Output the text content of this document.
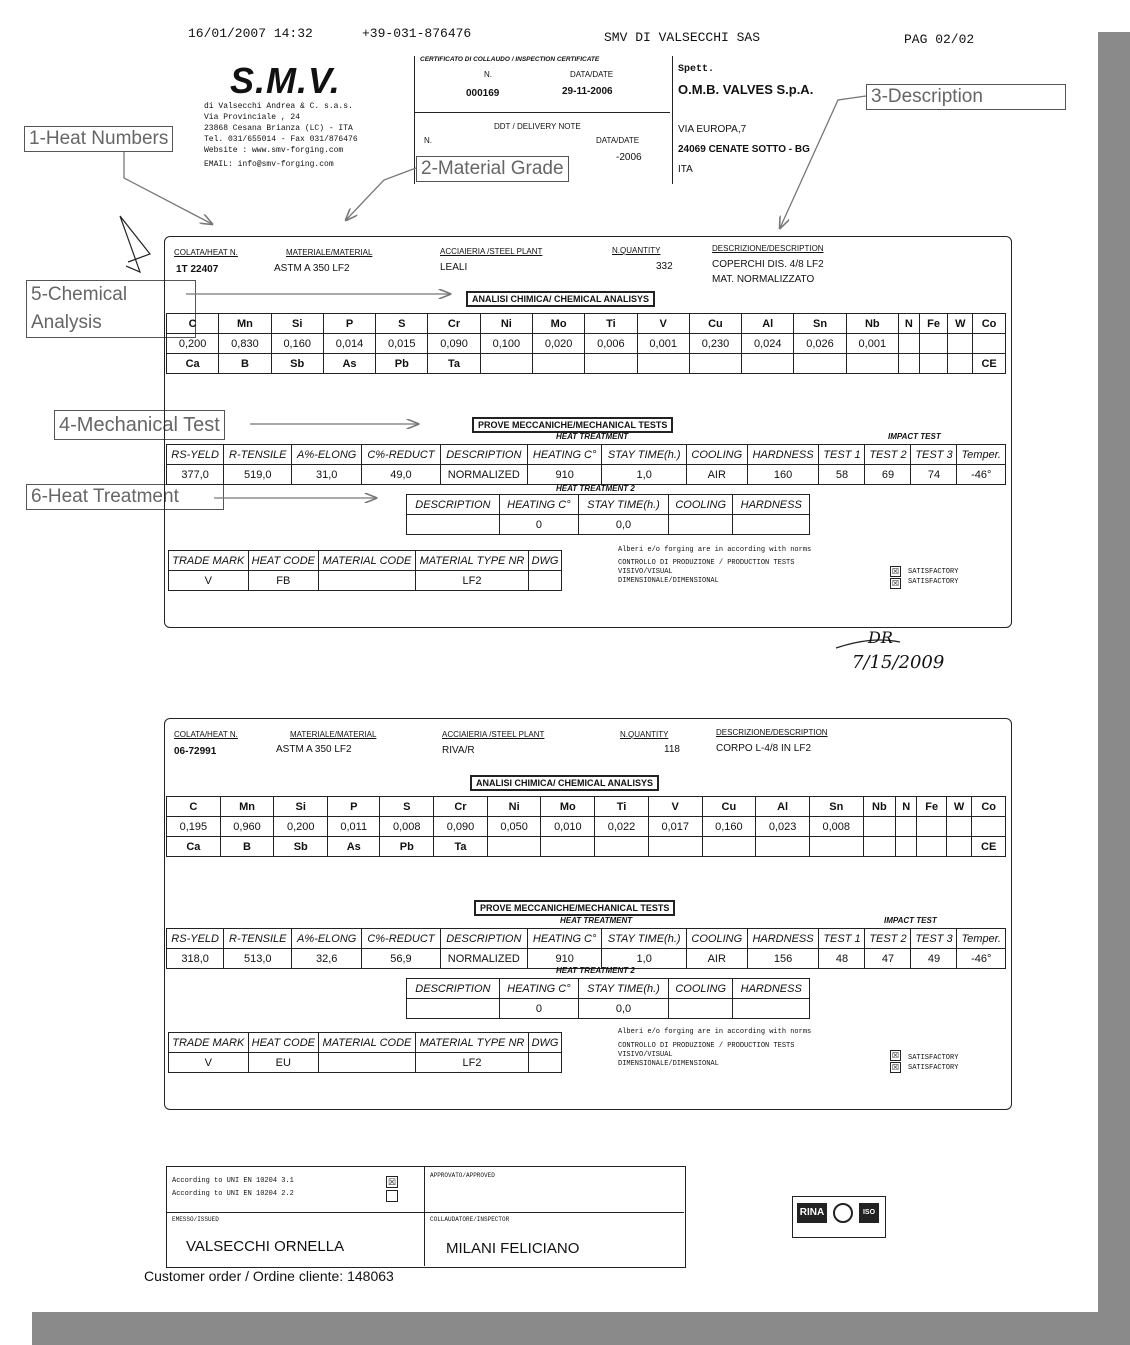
16/01/2007 14:32	+39-031-876476	SMV DI VALSECCHI SAS	PAG 02/02
S.M.V.
di Valsecchi Andrea & C. s.a.s.
Via Provinciale , 24
23868 Cesana Brianza (LC) - ITA
Tel. 031/655014 - Fax 031/876476
Website : www.smv-forging.com
EMAIL: info@smv-forging.com
CERTIFICATO DI COLLAUDO / INSPECTION CERTIFICATE
N.	DATA/DATE
000169	29-11-2006
DDT / DELIVERY NOTE
N.	DATA/DATE
-2006
Spett.
O.M.B. VALVES S.p.A.
VIA EUROPA,7
24069 CENATE SOTTO - BG
ITA
1-Heat Numbers
2-Material Grade
3-Description
5-Chemical
Analysis
4-Mechanical Test
6-Heat Treatment
COLATA/HEAT N.	MATERIALE/MATERIAL	ACCIAIERIA /STEEL PLANT	N.QUANTITY	DESCRIZIONE/DESCRIPTION
1T 22407	ASTM A 350 LF2	LEALI	332	COPERCHI DIS. 4/8 LF2
MAT. NORMALIZZATO
ANALISI CHIMICA/ CHEMICAL ANALISYS
C	Mn	Si	P	S	Cr	Ni	Mo	Ti	V	Cu	Al	Sn	Nb	N	Fe	W	Co
0,200	0,830	0,160	0,014	0,015	0,090	0,100	0,020	0,006	0,001	0,230	0,024	0,026	0,001				
Ca	B	Sb	As	Pb	Ta												CE
PROVE MECCANICHE/MECHANICAL TESTS
HEAT TREATMENT	IMPACT TEST
RS-YELD	R-TENSILE	A%-ELONG	C%-REDUCT	DESCRIPTION	HEATING C°	STAY TIME(h.)	COOLING	HARDNESS	TEST 1	TEST 2	TEST 3	Temper.
377,0	519,0	31,0	49,0	NORMALIZED	910	1,0	AIR	160	58	69	74	-46°
HEAT TREATMENT 2
DESCRIPTION	HEATING C°	STAY TIME(h.)	COOLING	HARDNESS
	0	0,0		
TRADE MARK	HEAT CODE	MATERIAL CODE	MATERIAL TYPE NR	DWG
V	FB		LF2	
Alberi e/o forging are in according with norms
CONTROLLO DI PRODUZIONE / PRODUCTION TESTS
VISIVO/VISUAL
DIMENSIONALE/DIMENSIONAL
☒
☒
SATISFACTORY
SATISFACTORY
DR
7/15/2009
COLATA/HEAT N.	MATERIALE/MATERIAL	ACCIAIERIA /STEEL PLANT	N.QUANTITY	DESCRIZIONE/DESCRIPTION
06-72991	ASTM A 350 LF2	RIVA/R	118	CORPO L-4/8 IN LF2
ANALISI CHIMICA/ CHEMICAL ANALISYS
C	Mn	Si	P	S	Cr	Ni	Mo	Ti	V	Cu	Al	Sn	Nb	N	Fe	W	Co
0,195	0,960	0,200	0,011	0,008	0,090	0,050	0,010	0,022	0,017	0,160	0,023	0,008					
Ca	B	Sb	As	Pb	Ta												CE
PROVE MECCANICHE/MECHANICAL TESTS
HEAT TREATMENT	IMPACT TEST
RS-YELD	R-TENSILE	A%-ELONG	C%-REDUCT	DESCRIPTION	HEATING C°	STAY TIME(h.)	COOLING	HARDNESS	TEST 1	TEST 2	TEST 3	Temper.
318,0	513,0	32,6	56,9	NORMALIZED	910	1,0	AIR	156	48	47	49	-46°
HEAT TREATMENT 2
DESCRIPTION	HEATING C°	STAY TIME(h.)	COOLING	HARDNESS
	0	0,0		
TRADE MARK	HEAT CODE	MATERIAL CODE	MATERIAL TYPE NR	DWG
V	EU		LF2	
Alberi e/o forging are in according with norms
CONTROLLO DI PRODUZIONE / PRODUCTION TESTS
VISIVO/VISUAL
DIMENSIONALE/DIMENSIONAL
☒
☒
SATISFACTORY
SATISFACTORY
According to UNI EN 10204 3.1
According to UNI EN 10204 2.2
☒
APPROVATO/APPROVED
EMESSO/ISSUED	COLLAUDATORE/INSPECTOR
VALSECCHI ORNELLA	MILANI FELICIANO
Customer order / Ordine cliente: 148063
RINA	ISO
